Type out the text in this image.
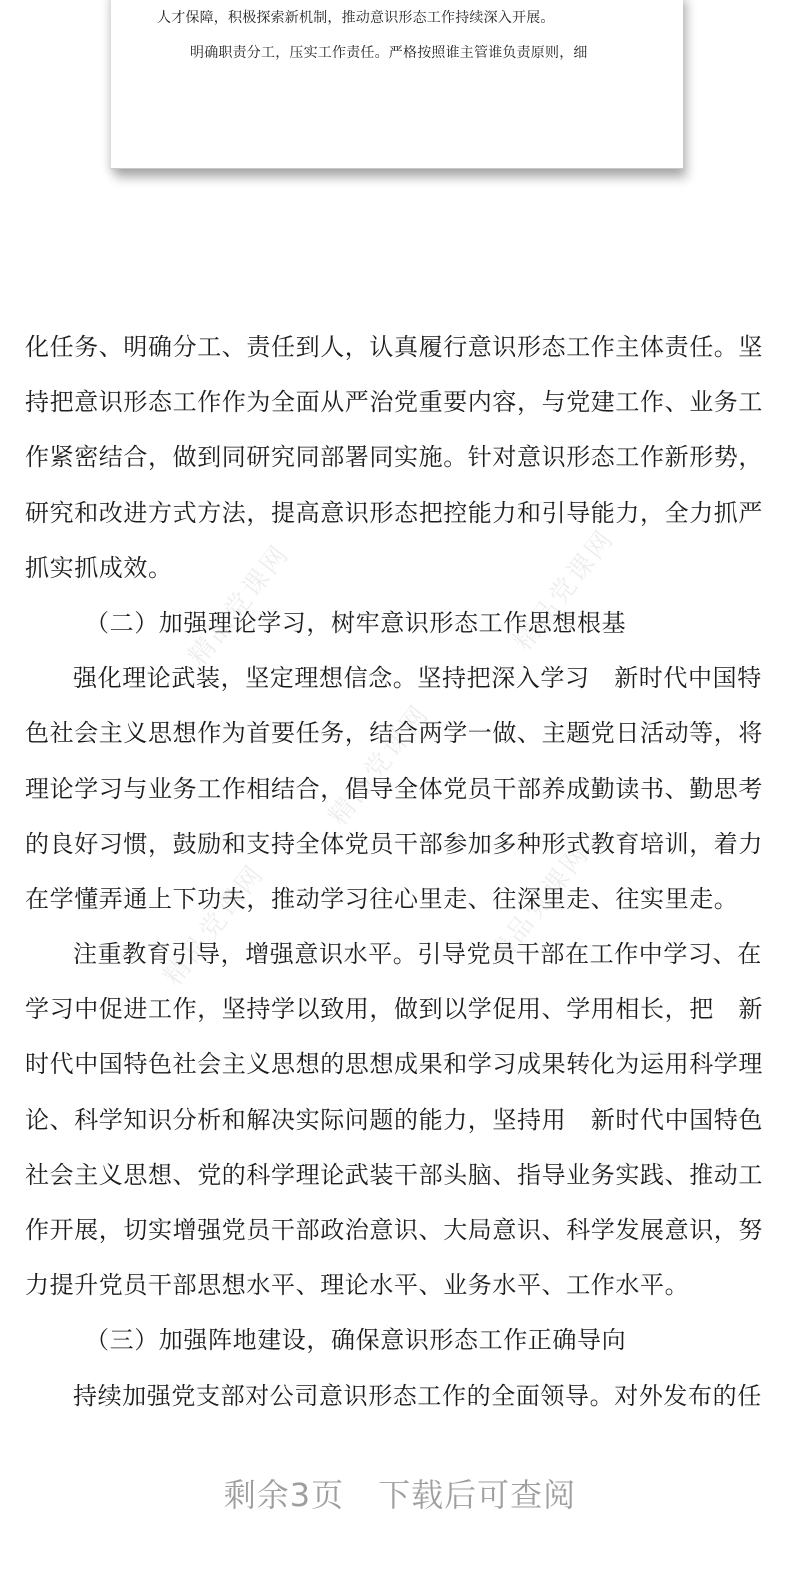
人才保障，积极探索新机制，推动意识形态工作持续深入开展。
明确职责分工，压实工作责任。严格按照谁主管谁负责原则，细
精品党课网	精品党课网
精品党课网
精品党课网	精品党课网
化任务、明确分工、责任到人，认真履行意识形态工作主体责任。坚
持把意识形态工作作为全面从严治党重要内容，与党建工作、业务工
作紧密结合，做到同研究同部署同实施。针对意识形态工作新形势，
研究和改进方式方法，提高意识形态把控能力和引导能力，全力抓严
抓实抓成效。
（二）加强理论学习，树牢意识形态工作思想根基
强化理论武装，坚定理想信念。坚持把深入学习　新时代中国特
色社会主义思想作为首要任务，结合两学一做、主题党日活动等，将
理论学习与业务工作相结合，倡导全体党员干部养成勤读书、勤思考
的良好习惯，鼓励和支持全体党员干部参加多种形式教育培训，着力
在学懂弄通上下功夫，推动学习往心里走、往深里走、往实里走。
注重教育引导，增强意识水平。引导党员干部在工作中学习、在
学习中促进工作，坚持学以致用，做到以学促用、学用相长，把　新
时代中国特色社会主义思想的思想成果和学习成果转化为运用科学理
论、科学知识分析和解决实际问题的能力，坚持用　新时代中国特色
社会主义思想、党的科学理论武装干部头脑、指导业务实践、推动工
作开展，切实增强党员干部政治意识、大局意识、科学发展意识，努
力提升党员干部思想水平、理论水平、业务水平、工作水平。
（三）加强阵地建设，确保意识形态工作正确导向
持续加强党支部对公司意识形态工作的全面领导。对外发布的任
剩余3页 下载后可查阅
